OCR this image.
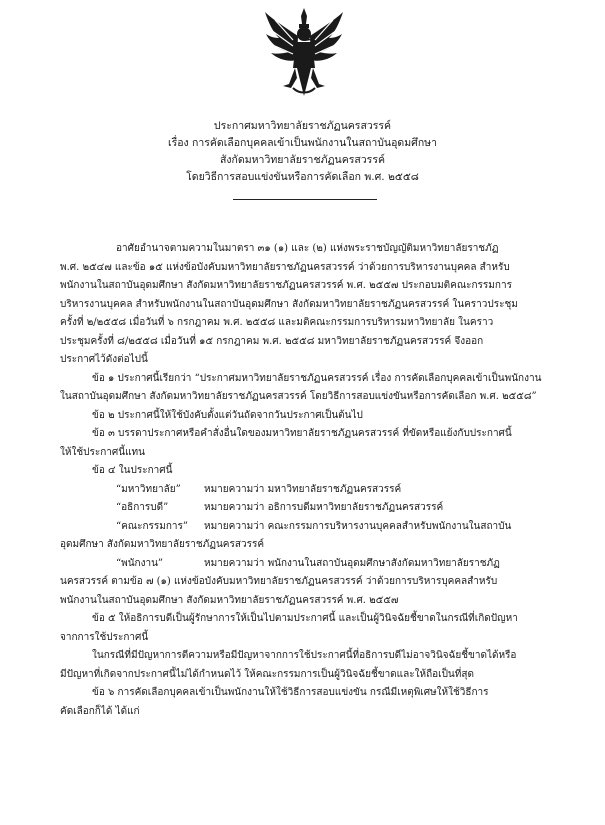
ประกาศมหาวิทยาลัยราชภัฏนครสวรรค์
เรื่อง การคัดเลือกบุคคลเข้าเป็นพนักงานในสถาบันอุดมศึกษา
สังกัดมหาวิทยาลัยราชภัฏนครสวรรค์
โดยวิธีการสอบแข่งขันหรือการคัดเลือก พ.ศ. ๒๕๕๘

อาศัยอำนาจตามความในมาตรา ๓๑ (๑) และ (๒) แห่งพระราชบัญญัติมหาวิทยาลัยราชภัฏ

พ.ศ. ๒๕๔๗ และข้อ ๑๕ แห่งข้อบังคับมหาวิทยาลัยราชภัฏนครสวรรค์ ว่าด้วยการบริหารงานบุคคล สำหรับ

พนักงานในสถาบันอุดมศึกษา สังกัดมหาวิทยาลัยราชภัฏนครสวรรค์ พ.ศ. ๒๕๕๗ ประกอบมติคณะกรรมการ

บริหารงานบุคคล สำหรับพนักงานในสถาบันอุดมศึกษา สังกัดมหาวิทยาลัยราชภัฏนครสวรรค์ ในคราวประชุม

ครั้งที่ ๒/๒๕๕๘ เมื่อวันที่ ๖ กรกฎาคม พ.ศ. ๒๕๕๘ และมติคณะกรรมการบริหารมหาวิทยาลัย ในคราว

ประชุมครั้งที่ ๘/๒๕๕๘ เมื่อวันที่ ๑๕ กรกฎาคม พ.ศ. ๒๕๕๘ มหาวิทยาลัยราชภัฏนครสวรรค์ จึงออก

ประกาศไว้ดังต่อไปนี้

ข้อ ๑ ประกาศนี้เรียกว่า “ประกาศมหาวิทยาลัยราชภัฏนครสวรรค์ เรื่อง การคัดเลือกบุคคลเข้าเป็นพนักงาน

ในสถาบันอุดมศึกษา สังกัดมหาวิทยาลัยราชภัฏนครสวรรค์ โดยวิธีการสอบแข่งขันหรือการคัดเลือก พ.ศ. ๒๕๕๘”

ข้อ ๒ ประกาศนี้ให้ใช้บังคับตั้งแต่วันถัดจากวันประกาศเป็นต้นไป

ข้อ ๓ บรรดาประกาศหรือคำสั่งอื่นใดของมหาวิทยาลัยราชภัฏนครสวรรค์ ที่ขัดหรือแย้งกับประกาศนี้

ให้ใช้ประกาศนี้แทน

ข้อ ๔ ในประกาศนี้

“มหาวิทยาลัย” หมายความว่า มหาวิทยาลัยราชภัฏนครสวรรค์

“อธิการบดี”	หมายความว่า อธิการบดีมหาวิทยาลัยราชภัฏนครสวรรค์

“คณะกรรมการ” หมายความว่า คณะกรรมการบริหารงานบุคคลสำหรับพนักงานในสถาบัน

อุดมศึกษา สังกัดมหาวิทยาลัยราชภัฏนครสวรรค์

“พนักงาน”	หมายความว่า พนักงานในสถาบันอุดมศึกษาสังกัดมหาวิทยาลัยราชภัฏ

นครสวรรค์ ตามข้อ ๗ (๑) แห่งข้อบังคับมหาวิทยาลัยราชภัฏนครสวรรค์ ว่าด้วยการบริหารบุคคลสำหรับ

พนักงานในสถาบันอุดมศึกษา สังกัดมหาวิทยาลัยราชภัฏนครสวรรค์ พ.ศ. ๒๕๕๗

ข้อ ๕ ให้อธิการบดีเป็นผู้รักษาการให้เป็นไปตามประกาศนี้ และเป็นผู้วินิจฉัยชี้ขาดในกรณีที่เกิดปัญหา

จากการใช้ประกาศนี้

ในกรณีที่มีปัญหาการตีความหรือมีปัญหาจากการใช้ประกาศนี้ที่อธิการบดีไม่อาจวินิจฉัยชี้ขาดได้หรือ

มีปัญหาที่เกิดจากประกาศนี้ไม่ได้กำหนดไว้ ให้คณะกรรมการเป็นผู้วินิจฉัยชี้ขาดและให้ถือเป็นที่สุด

ข้อ ๖ การคัดเลือกบุคคลเข้าเป็นพนักงานให้ใช้วิธีการสอบแข่งขัน กรณีมีเหตุพิเศษให้ใช้วิธีการ

คัดเลือกก็ได้ ได้แก่
